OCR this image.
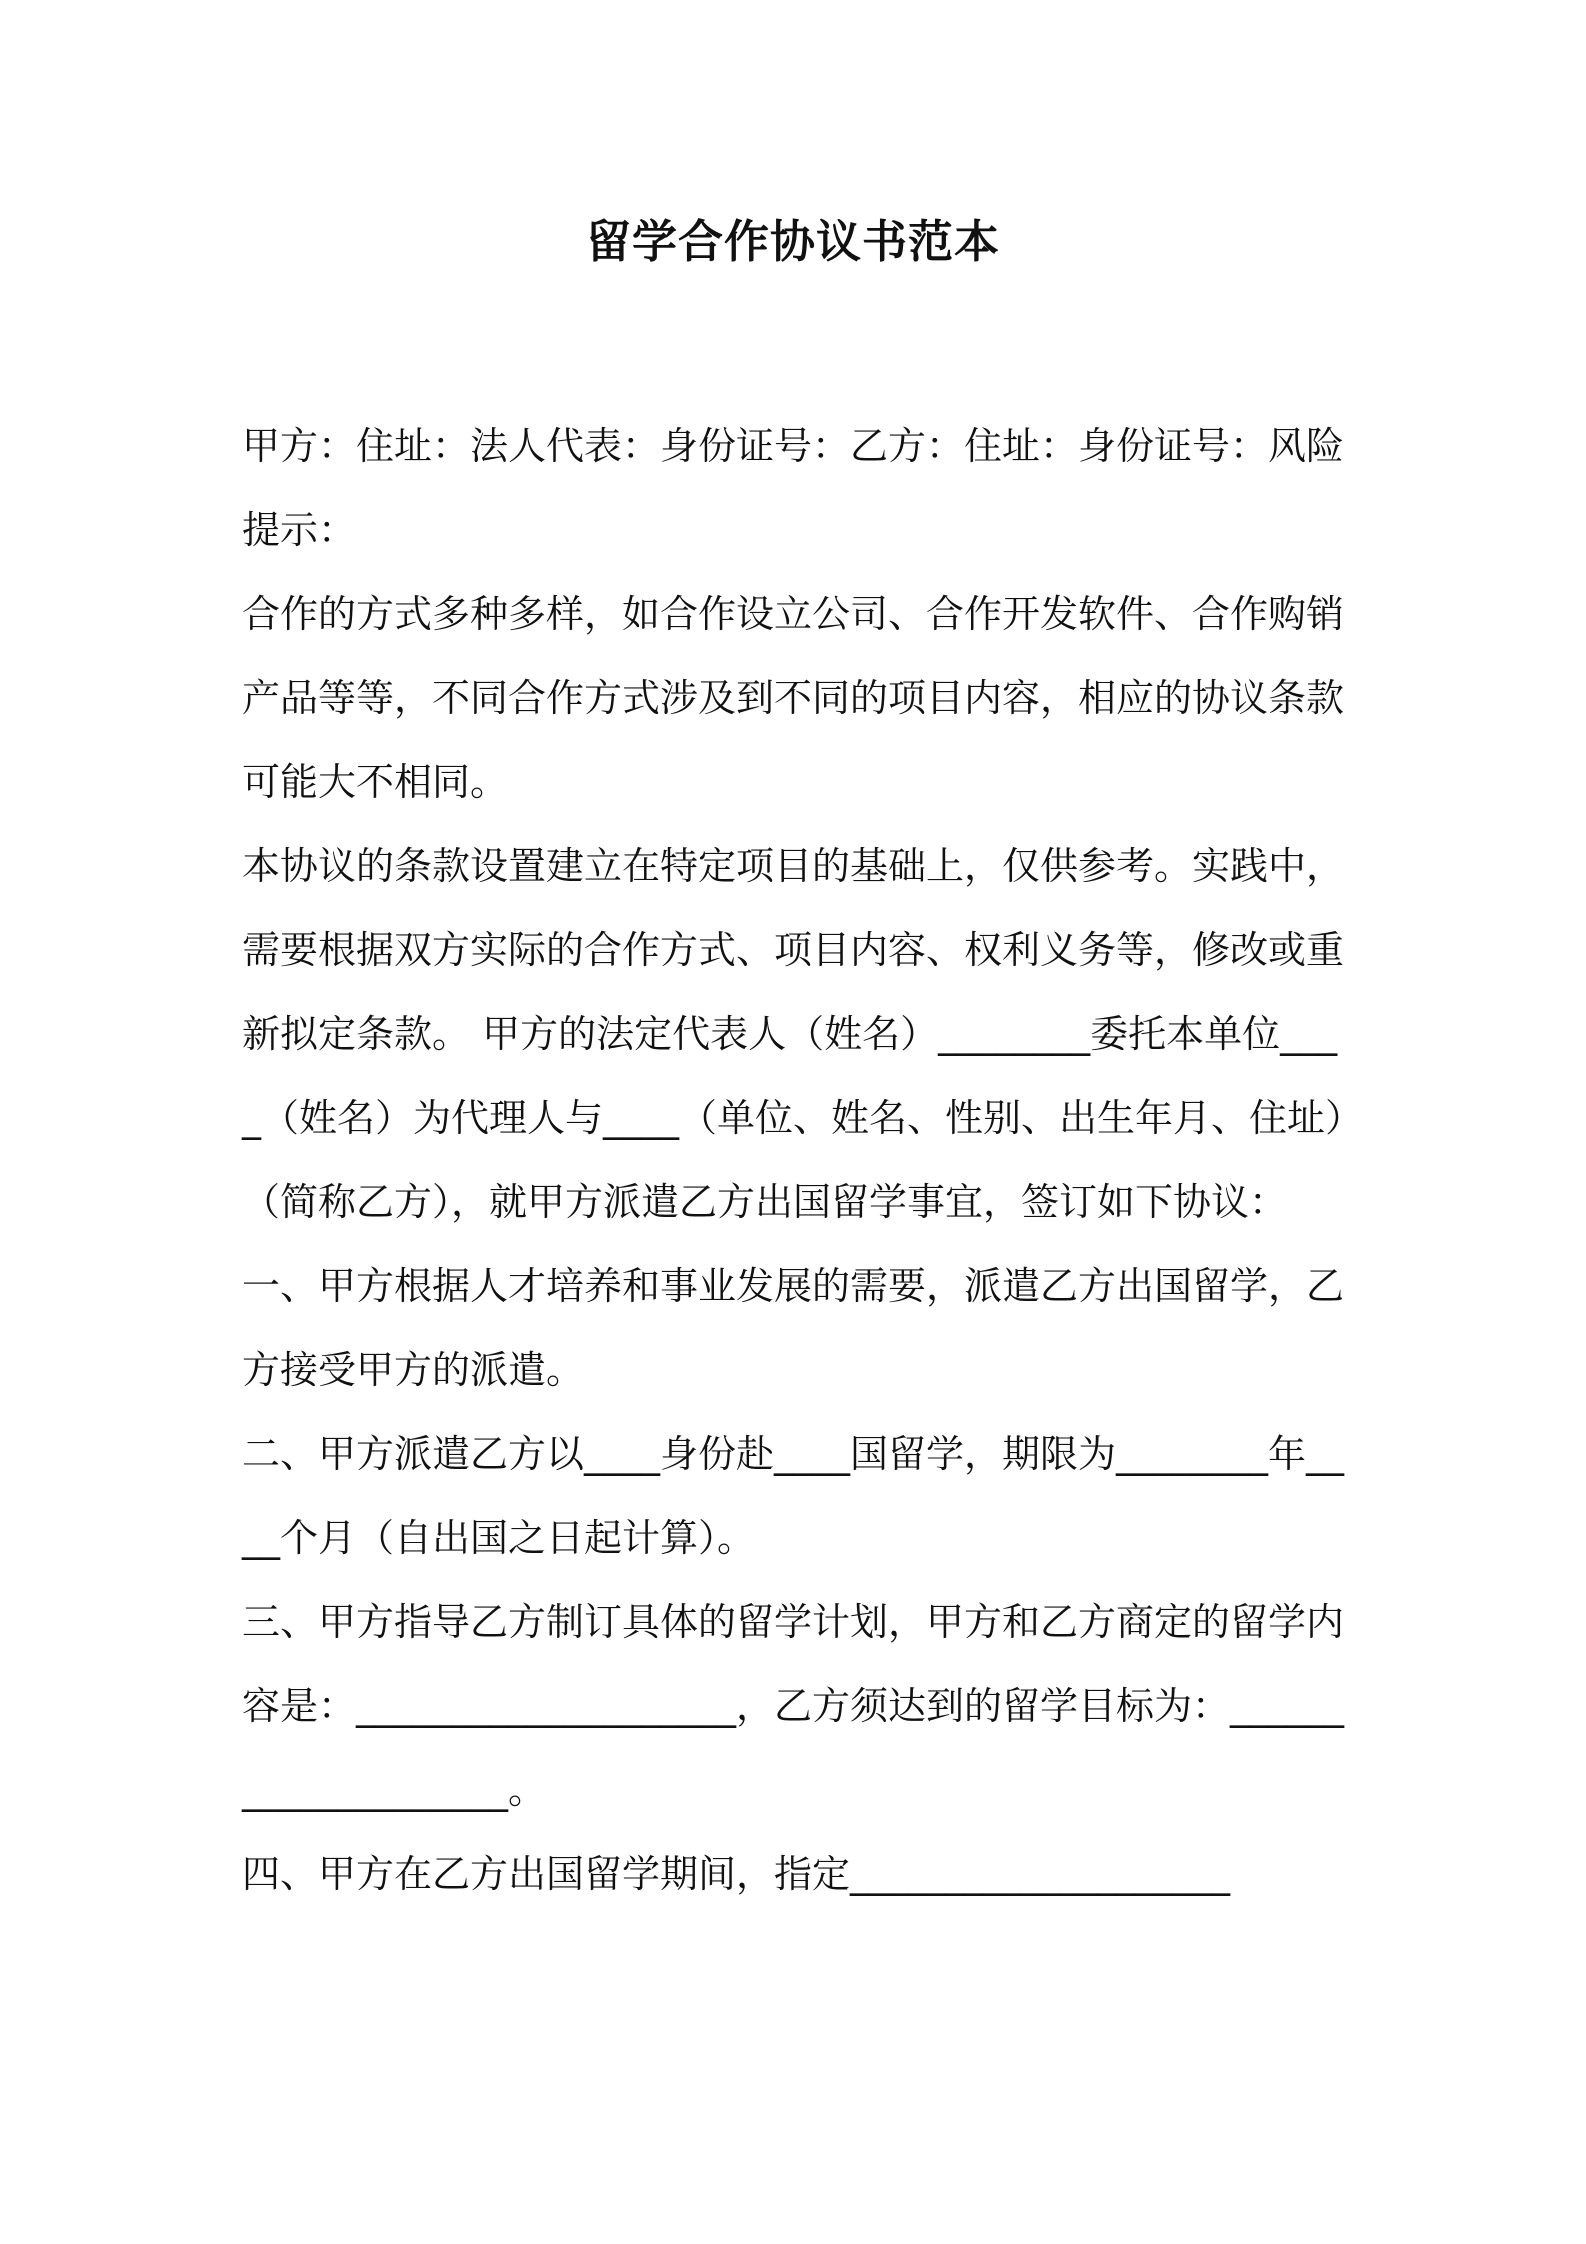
留学合作协议书范本

甲方：住址：法人代表：身份证号：乙方：住址：身份证号：风险提示：

合作的方式多种多样，如合作设立公司、合作开发软件、合作购销产品等等，不同合作方式涉及到不同的项目内容，相应的协议条款可能大不相同。

本协议的条款设置建立在特定项目的基础上，仅供参考。实践中，需要根据双方实际的合作方式、项目内容、权利义务等，修改或重新拟定条款。 甲方的法定代表人（姓名）________委托本单位____（姓名）为代理人与____（单位、姓名、性别、出生年月、住址）（简称乙方），就甲方派遣乙方出国留学事宜，签订如下协议：

一、甲方根据人才培养和事业发展的需要，派遣乙方出国留学，乙方接受甲方的派遣。

二、甲方派遣乙方以____身份赴____国留学，期限为________年____个月（自出国之日起计算）。

三、甲方指导乙方制订具体的留学计划，甲方和乙方商定的留学内容是：____________________，乙方须达到的留学目标为：____________________。

四、甲方在乙方出国留学期间，指定____________________
